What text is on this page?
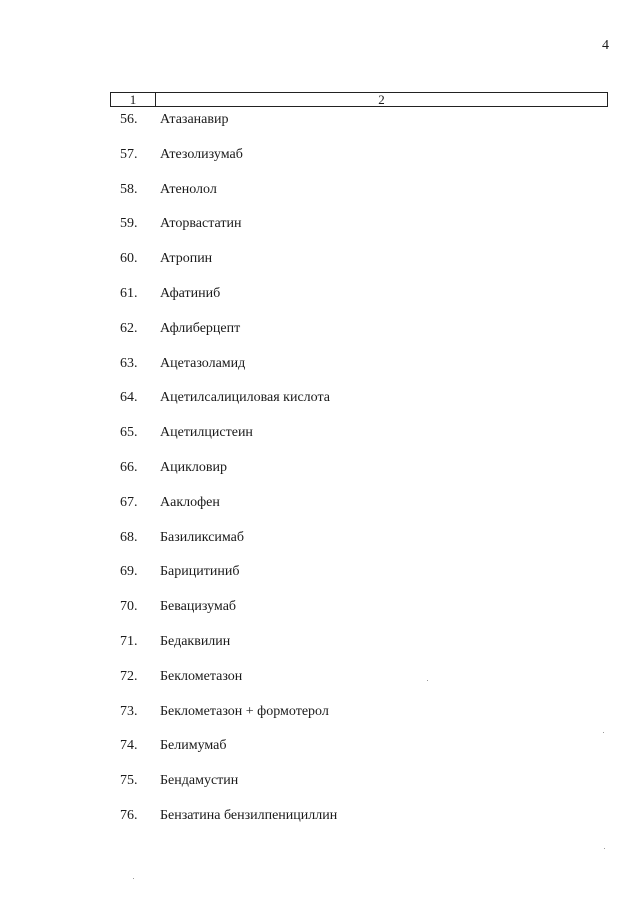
4
1	2
56. Атазанавир
57. Атезолизумаб
58. Атенолол
59. Аторвастатин
60. Атропин
61. Афатиниб
62. Афлиберцепт
63. Ацетазоламид
64. Ацетилсалициловая кислота
65. Ацетилцистеин
66. Ацикловир
67. Аaклофен
68. Базиликсимаб
69. Барицитиниб
70. Бевацизумаб
71. Бедаквилин
72. Беклометазон
73. Беклометазон + формотерол
74. Белимумаб
75. Бендамустин
76. Бензатина бензилпенициллин
